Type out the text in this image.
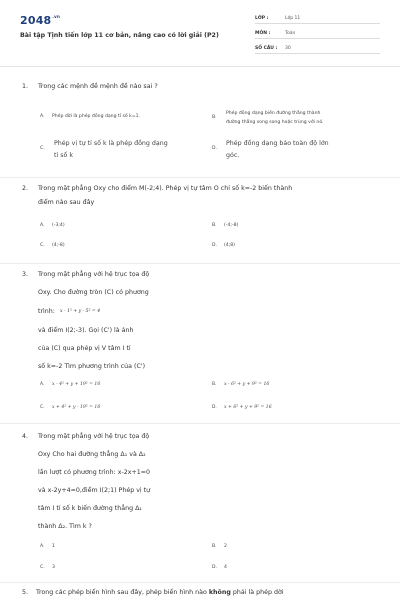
$2048^{.vn}$
Bài tập Tịnh tiến lớp 11 cơ bản, nâng cao có lời giải (P2)
LỚP :	Lớp 11
MÔN :	Toán
SỐ CÂU : 30
1. Trong các mệnh đề mệnh đề nào sai ?
A. Phép dời là phép đồng dạng tỉ số k=1.	B.
Phép đồng dạng biến đường thẳng thành
đường thẳng song song hoặc trùng với nó.
C.
Phép vị tự tỉ số k là phép đồng dạng
tỉ số k
D.
Phép đồng dạng bảo toàn độ lớn
góc.
2. Trong mặt phẳng Oxy cho điểm M(-2;4). Phép vị tự tâm O chỉ số k=-2 biến thành
điểm nào sau đây
A. (-3;4)	B. (-4;-8)
C. (4;-8)	D. (4;8)
3. Trong mặt phẳng với hệ trục tọa độ
Oxy. Cho đường tròn (C) có phương
trình: x - 1² + y - 5² = 4
và điểm I(2;-3). Gọi (C') là ảnh
của (C) qua phép vị V tâm I tỉ
số k=-2 Tìm phương trình của (C')
A. x - 4² + y + 19² = 16	B. x - 6² + y + 9² = 16
C. x + 4² + y - 19² = 16	D. x + 6² + y + 9² = 16
4. Trong mặt phẳng với hệ trục tọa độ
Oxy Cho hai đường thẳng Δ₁ và Δ₂
lần lượt có phương trình: x-2x+1=0
và x-2y+4=0,điểm I(2;1) Phép vị tự
tâm I tỉ số k biến đường thẳng Δ₁
thành Δ₂. Tìm k ?
A. 1	B. 2
C. 3	D. 4
5. Trong các phép biến hình sau đây, phép biến hình nào không phải là phép dời
